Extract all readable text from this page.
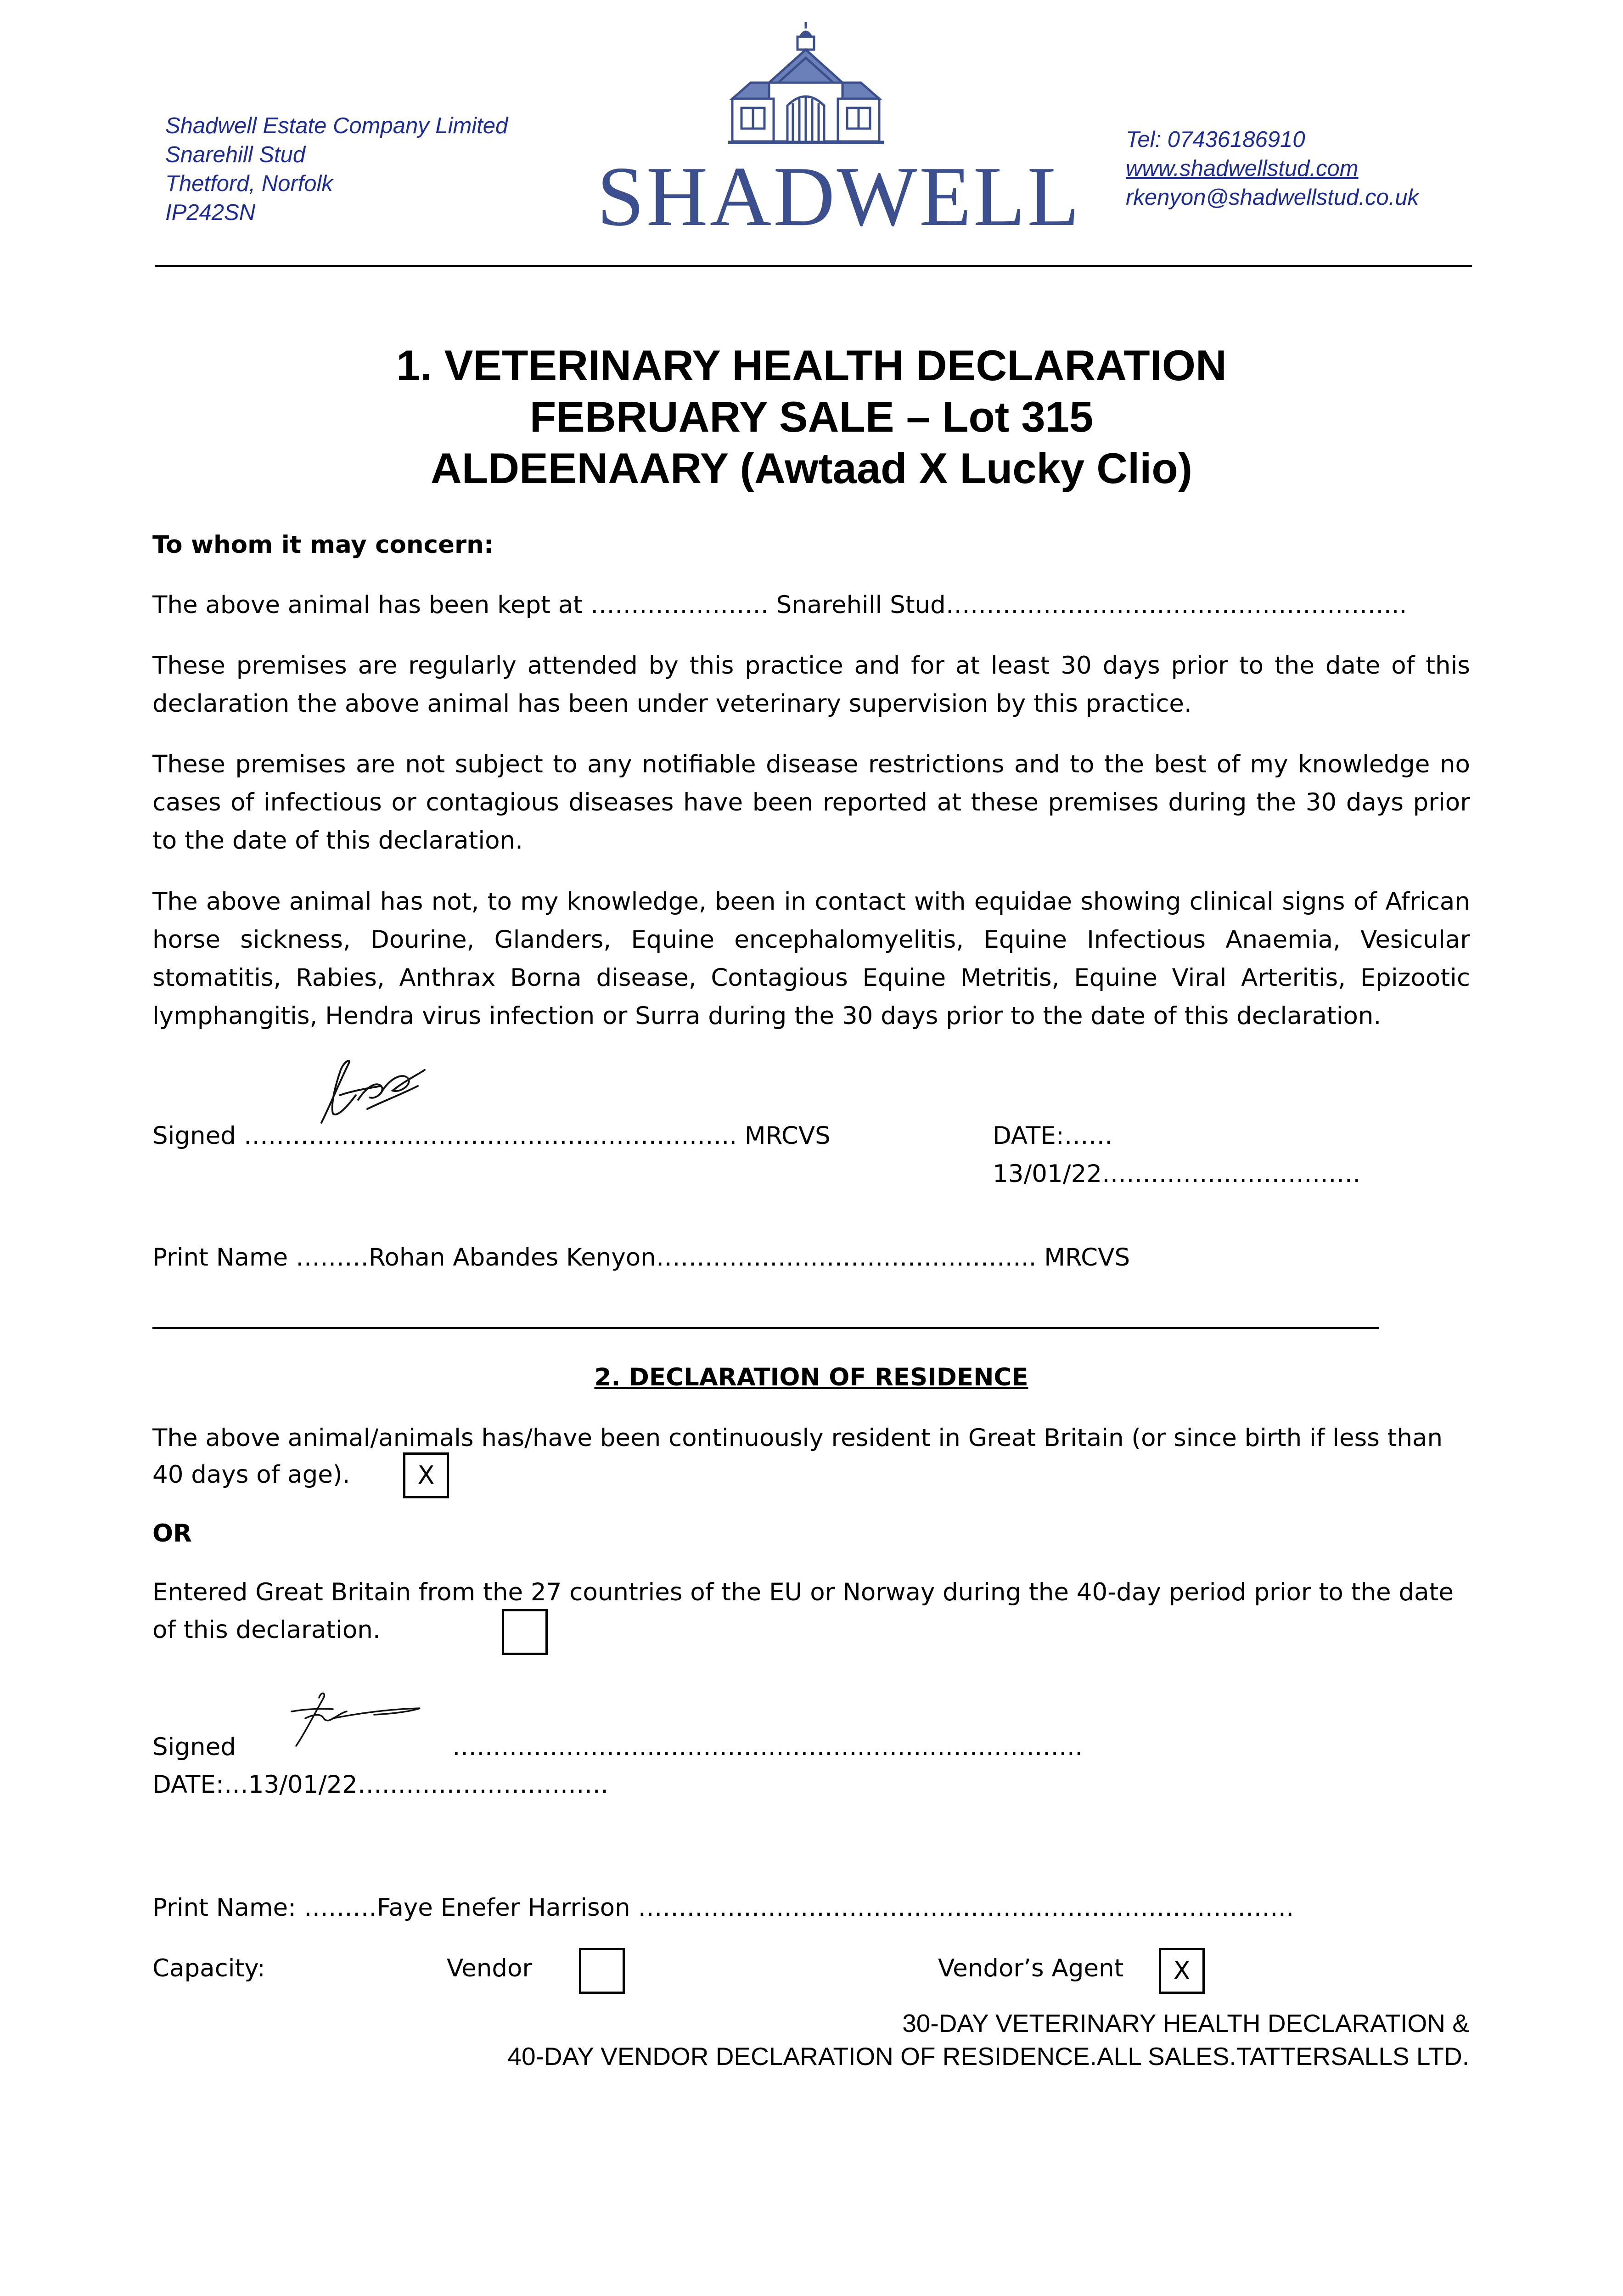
Shadwell Estate Company Limited
Snarehill Stud
Thetford, Norfolk
IP242SN	SHADWELL
Tel: 07436186910
www.shadwellstud.com
rkenyon@shadwellstud.co.uk
1. VETERINARY HEALTH DECLARATION
FEBRUARY SALE – Lot 315
ALDEENAARY (Awtaad X Lucky Clio)
To whom it may concern:
The above animal has been kept at …………………. Snarehill Stud………………………………………………...
These premises are regularly attended by this practice and for at least 30 days prior to the date of this declaration the above animal has been under veterinary supervision by this practice.
These premises are not subject to any notifiable disease restrictions and to the best of my knowledge no cases of infectious or contagious diseases have been reported at these premises during the 30 days prior to the date of this declaration.
The above animal has not, to my knowledge, been in contact with equidae showing clinical signs of African horse sickness, Dourine, Glanders, Equine encephalomyelitis, Equine Infectious Anaemia, Vesicular stomatitis, Rabies, Anthrax Borna disease, Contagious Equine Metritis, Equine Viral Arteritis, Epizootic lymphangitis, Hendra virus infection or Surra during the 30 days prior to the date of this declaration.
Signed ………………….…………….………………….. MRCVS	DATE:……13/01/22……………..……………
Print Name ………Rohan Abandes Kenyon……………………………………….. MRCVS
2. DECLARATION OF RESIDENCE
The above animal/animals has/have been continuously resident in Great Britain (or since birth if less than
40 days of age).	X
OR
Entered Great Britain from the 27 countries of the EU or Norway during the 40-day period prior to the date
of this declaration.
Signed	……………………..…………………….……..……………….
DATE:…13/01/22….………………………
Print Name: ………Faye Enefer Harrison …………………………………………..………………………….
Capacity:	Vendor	Vendor’s Agent	X
30-DAY VETERINARY HEALTH DECLARATION &
40-DAY VENDOR DECLARATION OF RESIDENCE.ALL SALES.TATTERSALLS LTD.
